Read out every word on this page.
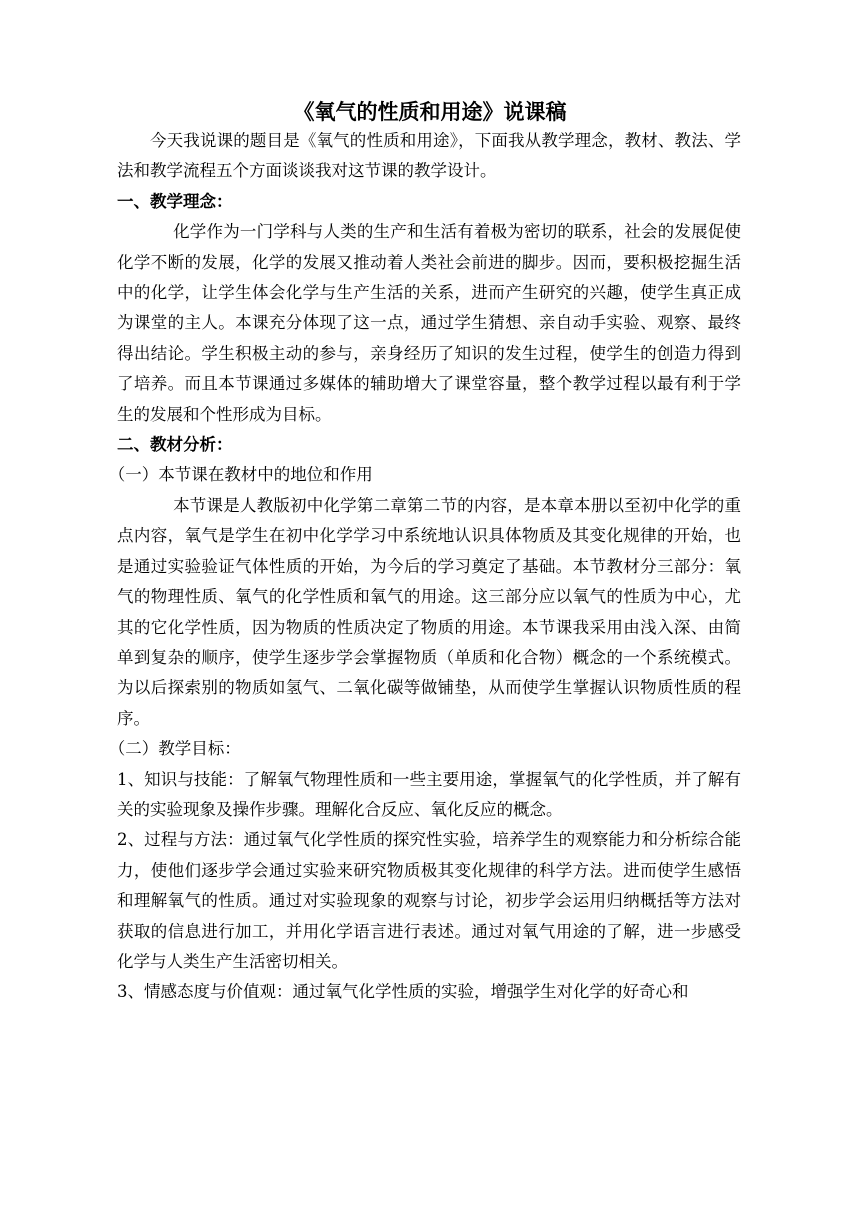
《氧气的性质和用途》说课稿

今天我说课的题目是《氧气的性质和用途》，下面我从教学理念，教材、教法、学法和教学流程五个方面谈谈我对这节课的教学设计。

一、教学理念：

化学作为一门学科与人类的生产和生活有着极为密切的联系，社会的发展促使化学不断的发展，化学的发展又推动着人类社会前进的脚步。因而，要积极挖掘生活中的化学，让学生体会化学与生产生活的关系，进而产生研究的兴趣，使学生真正成为课堂的主人。本课充分体现了这一点，通过学生猜想、亲自动手实验、观察、最终得出结论。学生积极主动的参与，亲身经历了知识的发生过程，使学生的创造力得到了培养。而且本节课通过多媒体的辅助增大了课堂容量，整个教学过程以最有利于学生的发展和个性形成为目标。

二、教材分析：

（一）本节课在教材中的地位和作用

本节课是人教版初中化学第二章第二节的内容，是本章本册以至初中化学的重点内容，氧气是学生在初中化学学习中系统地认识具体物质及其变化规律的开始，也是通过实验验证气体性质的开始，为今后的学习奠定了基础。本节教材分三部分：氧气的物理性质、氧气的化学性质和氧气的用途。这三部分应以氧气的性质为中心，尤其的它化学性质，因为物质的性质决定了物质的用途。本节课我采用由浅入深、由简单到复杂的顺序，使学生逐步学会掌握物质（单质和化合物）概念的一个系统模式。为以后探索别的物质如氢气、二氧化碳等做铺垫，从而使学生掌握认识物质性质的程序。

（二）教学目标：

1、知识与技能：了解氧气物理性质和一些主要用途，掌握氧气的化学性质，并了解有关的实验现象及操作步骤。理解化合反应、氧化反应的概念。

2、过程与方法：通过氧气化学性质的探究性实验，培养学生的观察能力和分析综合能力，使他们逐步学会通过实验来研究物质极其变化规律的科学方法。进而使学生感悟和理解氧气的性质。通过对实验现象的观察与讨论，初步学会运用归纳概括等方法对获取的信息进行加工，并用化学语言进行表述。通过对氧气用途的了解，进一步感受化学与人类生产生活密切相关。

3、情感态度与价值观：通过氧气化学性质的实验，增强学生对化学的好奇心和
